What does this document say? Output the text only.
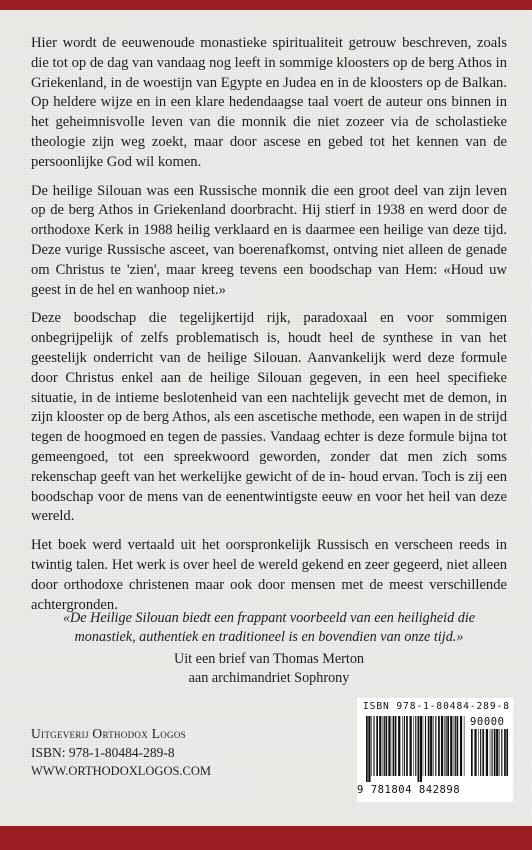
Hier wordt de eeuwenoude monastieke spiritualiteit getrouw beschreven, zoals die tot op de dag van vandaag nog leeft in sommige kloosters op de berg Athos in Griekenland, in de woestijn van Egypte en Judea en in de kloosters op de Balkan. Op heldere wijze en in een klare hedendaagse taal voert de auteur ons binnen in het geheimnisvolle leven van die monnik die niet zozeer via de scholastieke theologie zijn weg zoekt, maar door ascese en gebed tot het kennen van de persoonlijke God wil komen.

De heilige Silouan was een Russische monnik die een groot deel van zijn leven op de berg Athos in Griekenland doorbracht. Hij stierf in 1938 en werd door de orthodoxe Kerk in 1988 heilig verklaard en is daarmee een heilige van deze tijd. Deze vurige Russische asceet, van boerenafkomst, ontving niet alleen de genade om Christus te 'zien', maar kreeg tevens een boodschap van Hem: «Houd uw geest in de hel en wanhoop niet.»

Deze boodschap die tegelijkertijd rijk, paradoxaal en voor sommigen onbegrijpelijk of zelfs problematisch is, houdt heel de synthese in van het geestelijk onderricht van de heilige Silouan. Aanvankelijk werd deze formule door Christus enkel aan de heilige Silouan gegeven, in een heel specifieke situatie, in de intieme beslotenheid van een nachtelijk gevecht met de demon, in zijn klooster op de berg Athos, als een ascetische methode, een wapen in de strijd tegen de hoogmoed en tegen de passies. Vandaag echter is deze formule bijna tot gemeengoed, tot een spreekwoord geworden, zonder dat men zich soms rekenschap geeft van het werkelijke gewicht of de in- houd ervan. Toch is zij een boodschap voor de mens van de eenentwintigste eeuw en voor het heil van deze wereld.

Het boek werd vertaald uit het oorspronkelijk Russisch en verscheen reeds in twintig talen. Het werk is over heel de wereld gekend en zeer gegeerd, niet alleen door orthodoxe christenen maar ook door mensen met de meest verschillende achtergronden.

«De Heilige Silouan biedt een frappant voorbeeld van een heiligheid die monastiek, authentiek en traditioneel is en bovendien van onze tijd.»
Uit een brief van Thomas Merton
aan archimandriet Sophrony
Uitgeverij Orthodox Logos
ISBN: 978-1-80484-289-8
WWW.ORTHODOXLOGOS.COM
ISBN 978-1-80484-289-8
90000
9 781804 842898
